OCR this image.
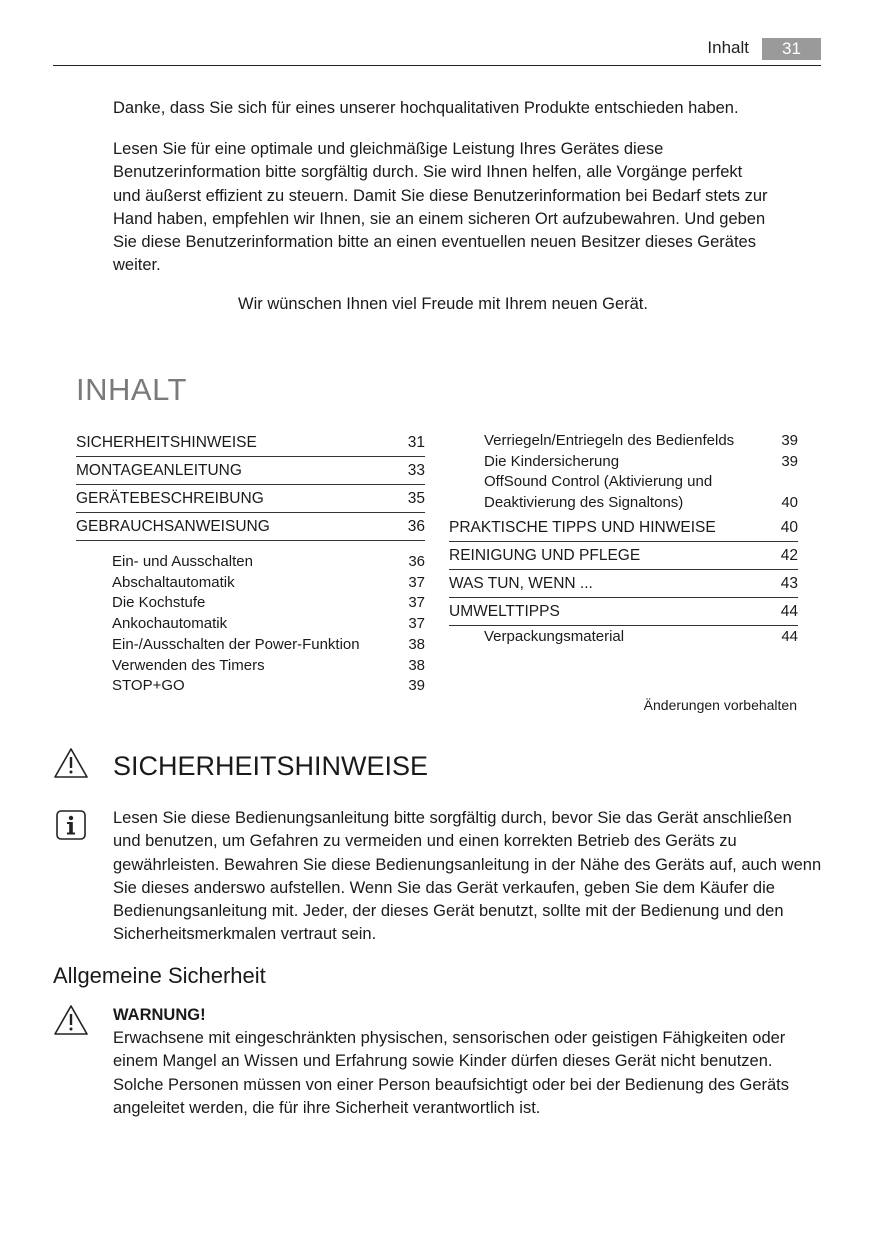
Inhalt	31
Danke, dass Sie sich für eines unserer hochqualitativen Produkte entschieden haben.
Lesen Sie für eine optimale und gleichmäßige Leistung Ihres Gerätes diese Benutzerinformation bitte sorgfältig durch. Sie wird Ihnen helfen, alle Vorgänge perfekt und äußerst effizient zu steuern. Damit Sie diese Benutzerinformation bei Bedarf stets zur Hand haben, empfehlen wir Ihnen, sie an einem sicheren Ort aufzubewahren. Und geben Sie diese Benutzerinformation bitte an einen eventuellen neuen Besitzer dieses Gerätes weiter.
Wir wünschen Ihnen viel Freude mit Ihrem neuen Gerät.
INHALT
SICHERHEITSHINWEISE	31
MONTAGEANLEITUNG	33
GERÄTEBESCHREIBUNG	35
GEBRAUCHSANWEISUNG	36
Ein- und Ausschalten	36
Abschaltautomatik	37
Die Kochstufe	37
Ankochautomatik	37
Ein-/Ausschalten der Power-Funktion	38
Verwenden des Timers	38
STOP+GO	39
Verriegeln/Entriegeln des Bedienfelds	39
Die Kindersicherung	39
OffSound Control (Aktivierung und
Deaktivierung des Signaltons)	40
PRAKTISCHE TIPPS UND HINWEISE	40
REINIGUNG UND PFLEGE	42
WAS TUN, WENN ...	43
UMWELTTIPPS	44
Verpackungsmaterial	44
Änderungen vorbehalten
SICHERHEITSHINWEISE
Lesen Sie diese Bedienungsanleitung bitte sorgfältig durch, bevor Sie das Gerät anschließen und benutzen, um Gefahren zu vermeiden und einen korrekten Betrieb des Geräts zu gewährleisten. Bewahren Sie diese Bedienungsanleitung in der Nähe des Geräts auf, auch wenn Sie dieses anderswo aufstellen. Wenn Sie das Gerät verkaufen, geben Sie dem Käufer die Bedienungsanleitung mit. Jeder, der dieses Gerät benutzt, sollte mit der Bedienung und den Sicherheitsmerkmalen vertraut sein.
Allgemeine Sicherheit
WARNUNG!
Erwachsene mit eingeschränkten physischen, sensorischen oder geistigen Fähigkeiten oder einem Mangel an Wissen und Erfahrung sowie Kinder dürfen dieses Gerät nicht benutzen. Solche Personen müssen von einer Person beaufsichtigt oder bei der Bedienung des Geräts angeleitet werden, die für ihre Sicherheit verantwortlich ist.
